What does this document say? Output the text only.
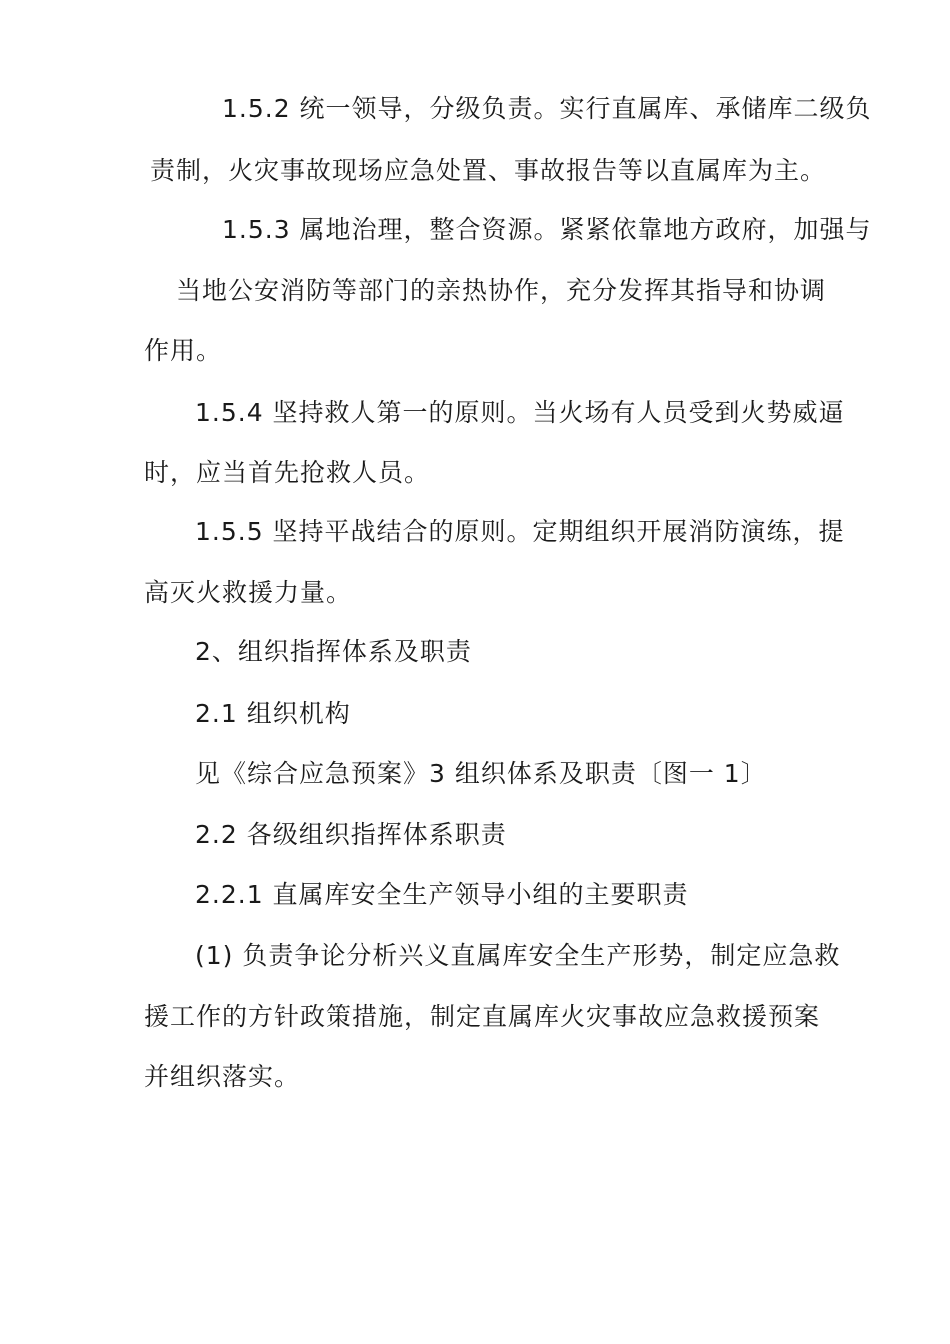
1.5.2 统一领导，分级负责。实行直属库、承储库二级负

责制，火灾事故现场应急处置、事故报告等以直属库为主。

1.5.3 属地治理，整合资源。紧紧依靠地方政府，加强与

当地公安消防等部门的亲热协作，充分发挥其指导和协调

作用。

1.5.4 坚持救人第一的原则。当火场有人员受到火势威逼

时，应当首先抢救人员。

1.5.5 坚持平战结合的原则。定期组织开展消防演练，提

高灭火救援力量。

2、组织指挥体系及职责

2.1 组织机构

见《综合应急预案》3 组织体系及职责〔图一 1〕

2.2 各级组织指挥体系职责

2.2.1 直属库安全生产领导小组的主要职责

(1) 负责争论分析兴义直属库安全生产形势，制定应急救

援工作的方针政策措施，制定直属库火灾事故应急救援预案

并组织落实。
